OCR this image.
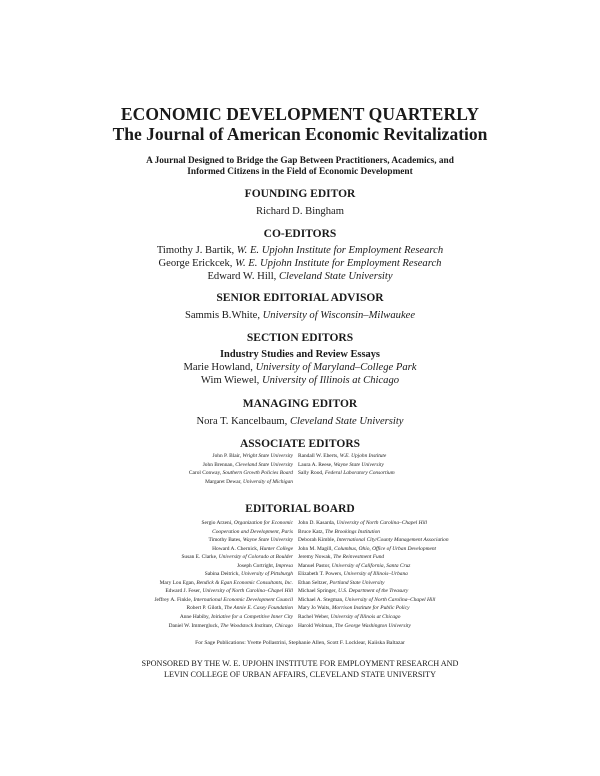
ECONOMIC DEVELOPMENT QUARTERLY
The Journal of American Economic Revitalization
A Journal Designed to Bridge the Gap Between Practitioners, Academics, and
Informed Citizens in the Field of Economic Development
FOUNDING EDITOR
Richard D. Bingham
CO-EDITORS
Timothy J. Bartik, W. E. Upjohn Institute for Employment Research
George Erickcek, W. E. Upjohn Institute for Employment Research
Edward W. Hill, Cleveland State University
SENIOR EDITORIAL ADVISOR
Sammis B.White, University of Wisconsin–Milwaukee
SECTION EDITORS
Industry Studies and Review Essays
Marie Howland, University of Maryland–College Park
Wim Wiewel, University of Illinois at Chicago
MANAGING EDITOR
Nora T. Kancelbaum, Cleveland State University
ASSOCIATE EDITORS
John P. Blair, Wright State University
John Brennan, Cleveland State University
Carol Conway, Southern Growth Policies Board
Margaret Dewar, University of Michigan
Randall W. Eberts, W.E. Upjohn Institute
Laura A. Reese, Wayne State University
Sally Rood, Federal Laboratory Consortium
EDITORIAL BOARD
Sergio Arzeni, Organization for Economic
Cooperation and Development, Paris
Timothy Bates, Wayne State University
Howard A. Chernick, Hunter College
Susan E. Clarke, University of Colorado at Boulder
Joseph Cortright, Impresa
Sabina Deitrick, University of Pittsburgh
Mary Lou Egan, Bendick & Egan Economic Consultants, Inc.
Edward J. Feser, University of North Carolina–Chapel Hill
Jeffrey A. Finkle, International Economic Development Council
Robert P. Giloth, The Annie E. Casey Foundation
Anne Habiby, Initiative for a Competitive Inner City
Daniel W. Immergluck, The Woodstock Institute, Chicago
John D. Kasarda, University of North Carolina–Chapel Hill
Bruce Katz, The Brookings Institution
Deborah Kimble, International City/County Management Association
John M. Magill, Columbus, Ohio, Office of Urban Development
Jeremy Nowak, The Reinvestment Fund
Manuel Pastor, University of California, Santa Cruz
Elizabeth T. Powers, University of Illinois–Urbana
Ethan Seltzer, Portland State University
Michael Springer, U.S. Department of the Treasury
Michael A. Stegman, University of North Carolina–Chapel Hill
Mary Jo Waits, Morrison Institute for Public Policy
Rachel Weber, University of Illinois at Chicago
Harold Wolman, The George Washington University
For Sage Publications: Yvette Pollastrini, Stephanie Allen, Scott F. Locklear, Kaiiska Baltazar
SPONSORED BY THE W. E. UPJOHN INSTITUTE FOR EMPLOYMENT RESEARCH AND
LEVIN COLLEGE OF URBAN AFFAIRS, CLEVELAND STATE UNIVERSITY
